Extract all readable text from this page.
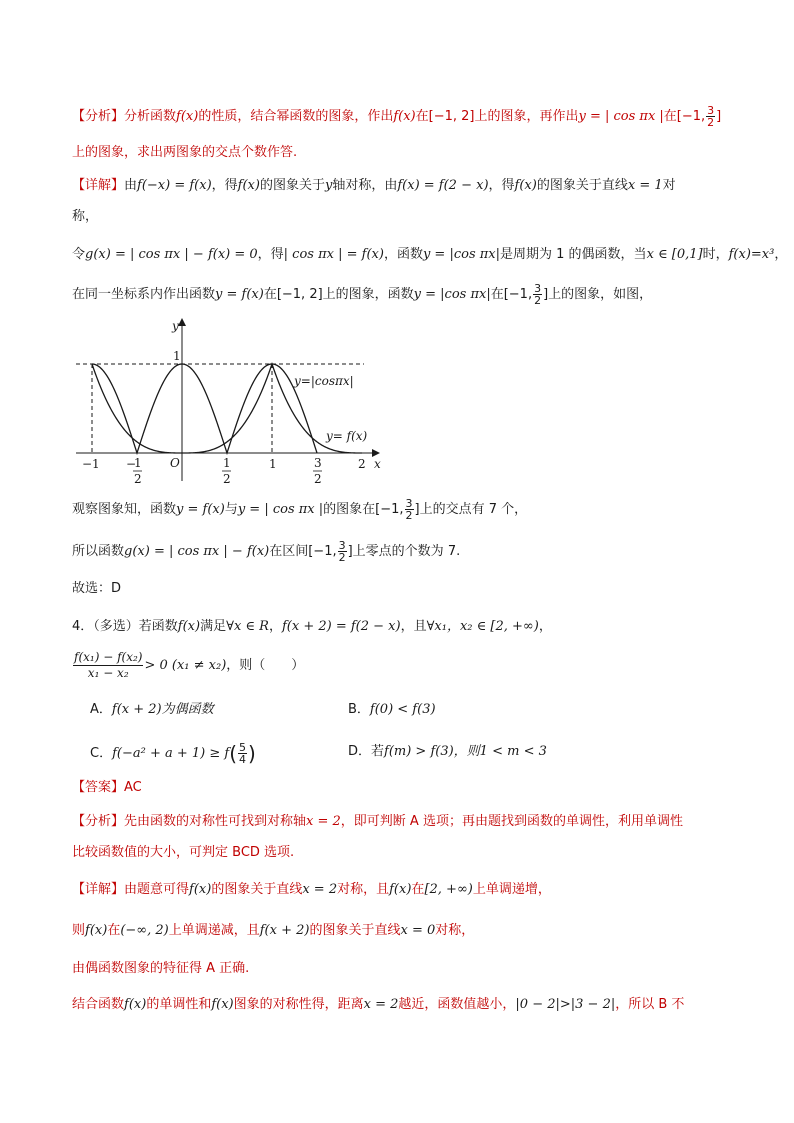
【分析】分析函数f(x)的性质，结合幂函数的图象，作出f(x)在[−1, 2]上的图象，再作出y = | cos πx |在[−1, $\frac{3}{2}$ ]
上的图象，求出两图象的交点个数作答.
【详解】由f(−x) = f(x)，得f(x)的图象关于y轴对称，由f(x) = f(2 − x)，得f(x)的图象关于直线x = 1对
称，
令g(x) = | cos πx | − f(x) = 0，得| cos πx | = f(x)，函数y = |cos πx|是周期为 1 的偶函数，当x ∈ [0,1]时，f(x)=x³，
在同一坐标系内作出函数y = f(x)在[−1, 2]上的图象，函数y = |cos πx|在[−1, $\frac{3}{2}$ ]上的图象，如图，
y
x
1
O
−1 −
1
2
1
2
1	3
2
2
y=|cosπx|
y= f(x)
观察图象知，函数y = f(x)与y = | cos πx |的图象在[−1, $\frac{3}{2}$ ]上的交点有 7 个，
所以函数g(x) = | cos πx | − f(x)在区间[−1, $\frac{3}{2}$ ]上零点的个数为 7.
故选：D
4．（多选）若函数f(x)满足∀x ∈ R，f(x + 2) = f(2 − x)，且∀x₁，x₂ ∈ [2, +∞)，
$\frac{\text{f(x₁) − f(x₂)}}{\text{x₁ − x₂}} > 0$ (x₁ ≠ x₂)，则（　　）
A．f(x + 2)为偶函数	B．f(0) < f(3)
C．$f(-a^2 + a + 1) \ge f( \frac{5}{4}$ )	D．若f(m) > f(3)，则1 < m < 3
【答案】AC
【分析】先由函数的对称性可找到对称轴x = 2，即可判断 A 选项；再由题找到函数的单调性，利用单调性
比较函数值的大小，可判定 BCD 选项.
【详解】由题意可得f(x)的图象关于直线x = 2对称，且f(x)在[2, +∞)上单调递增，
则f(x)在(−∞, 2)上单调递减，且f(x + 2)的图象关于直线x = 0对称，
由偶函数图象的特征得 A 正确.
结合函数f(x)的单调性和f(x)图象的对称性得，距离x = 2越近，函数值越小，|0 − 2|>|3 − 2|，所以 B 不
